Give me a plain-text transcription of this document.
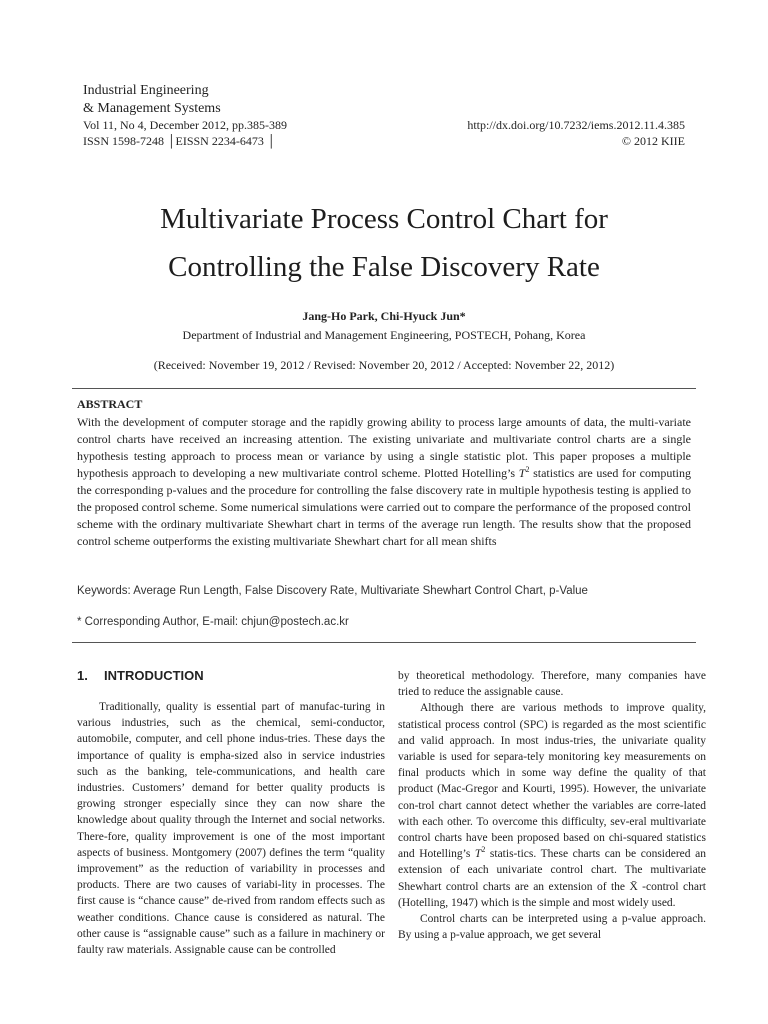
Industrial Engineering
& Management Systems
Vol 11, No 4, December 2012, pp.385-389
ISSN 1598-7248 │EISSN 2234-6473 │
http://dx.doi.org/10.7232/iems.2012.11.4.385
© 2012 KIIE
Multivariate Process Control Chart for
Controlling the False Discovery Rate
Jang-Ho Park, Chi-Hyuck Jun*
Department of Industrial and Management Engineering, POSTECH, Pohang, Korea
(Received: November 19, 2012 / Revised: November 20, 2012 / Accepted: November 22, 2012)
ABSTRACT
With the development of computer storage and the rapidly growing ability to process large amounts of data, the multi-variate control charts have received an increasing attention. The existing univariate and multivariate control charts are a single hypothesis testing approach to process mean or variance by using a single statistic plot. This paper proposes a multiple hypothesis approach to developing a new multivariate control scheme. Plotted Hotelling’s $T^2$ statistics are used for computing the corresponding p-values and the procedure for controlling the false discovery rate in multiple hypothesis testing is applied to the proposed control scheme. Some numerical simulations were carried out to compare the performance of the proposed control scheme with the ordinary multivariate Shewhart chart in terms of the average run length. The results show that the proposed control scheme outperforms the existing multivariate Shewhart chart for all mean shifts
Keywords: Average Run Length, False Discovery Rate, Multivariate Shewhart Control Chart, p-Value
* Corresponding Author, E-mail: chjun@postech.ac.kr
1. INTRODUCTION

Traditionally, quality is essential part of manufac-turing in various industries, such as the chemical, semi-conductor, automobile, computer, and cell phone indus-tries. These days the importance of quality is empha-sized also in service industries such as the banking, tele-communications, and health care industries. Customers’ demand for better quality products is growing stronger especially since they can now share the knowledge about quality through the Internet and social networks. There-fore, quality improvement is one of the most important aspects of business. Montgomery (2007) defines the term “quality improvement” as the reduction of variability in processes and products. There are two causes of variabi-lity in processes. The first cause is “chance cause” de-rived from random effects such as weather conditions. Chance cause is considered as natural. The other cause is “assignable cause” such as a failure in machinery or faulty raw materials. Assignable cause can be controlled

by theoretical methodology. Therefore, many companies have tried to reduce the assignable cause.

Although there are various methods to improve quality, statistical process control (SPC) is regarded as the most scientific and valid approach. In most indus-tries, the univariate quality variable is used for separa-tely monitoring key measurements on final products which in some way define the quality of that product (Mac-Gregor and Kourti, 1995). However, the univariate con-trol chart cannot detect whether the variables are corre-lated with each other. To overcome this difficulty, sev-eral multivariate control charts have been proposed based on chi-squared statistics and Hotelling’s $T^2$ statis-tics. These charts can be considered an extension of each univariate control chart. The multivariate Shewhart control charts are an extension of the X̄ -control chart (Hotelling, 1947) which is the simple and most widely used.

Control charts can be interpreted using a p-value approach. By using a p-value approach, we get several
